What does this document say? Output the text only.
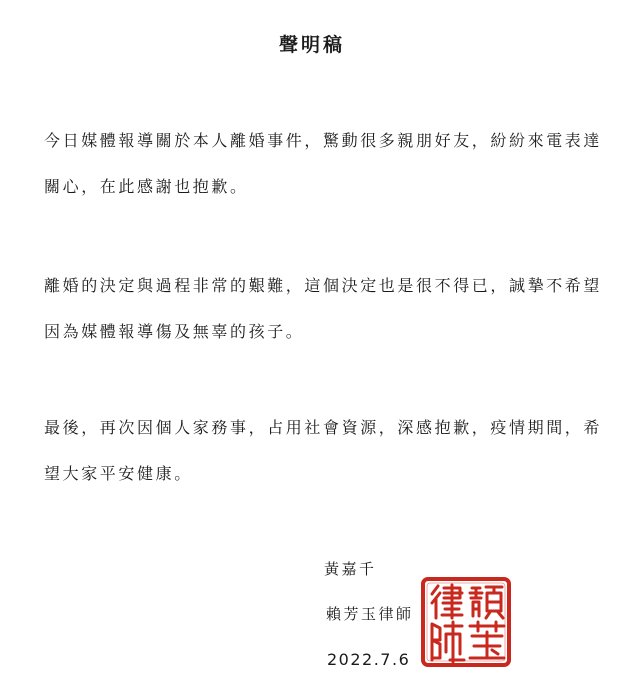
聲明稿

今日媒體報導關於本人離婚事件，驚動很多親朋好友，紛紛來電表達
關心，在此感謝也抱歉。

離婚的決定與過程非常的艱難，這個決定也是很不得已，誠摯不希望
因為媒體報導傷及無辜的孩子。

最後，再次因個人家務事，占用社會資源，深感抱歉，疫情期間，希
望大家平安健康。

黃嘉千
賴芳玉律師
2022.7.6
